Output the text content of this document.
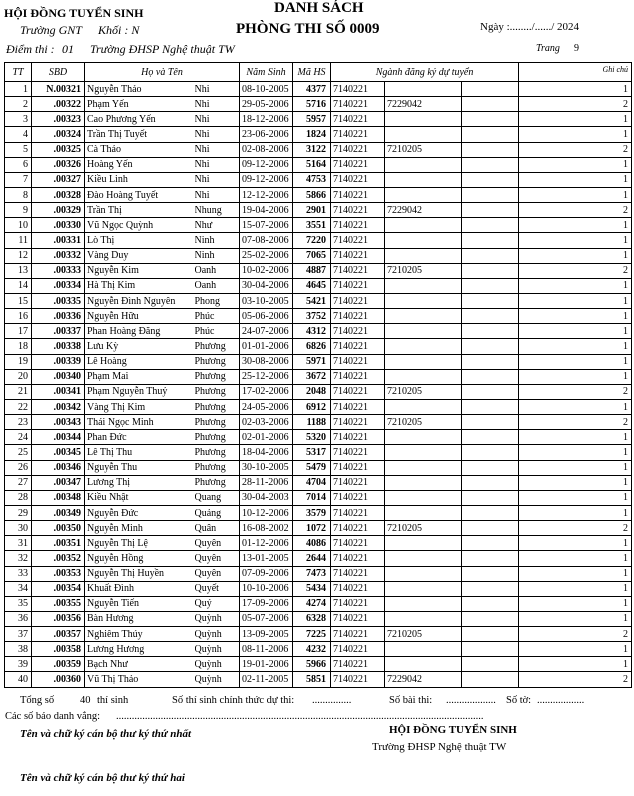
HỘI ĐỒNG TUYỂN SINH
Trường GNT Khối : N
Điểm thi : 01 Trường ĐHSP Nghệ thuật TW
DANH SÁCH
PHÒNG THI SỐ 0009	Ngày :......../....../ 2024
Trang 9
TT	SBD	Họ và Tên		Năm Sinh	Mã HS	Ngành đăng ký dự tuyển			Ghi chú
1	N.00321	Nguyễn Thảo	Nhi	08-10-2005	4377	7140221			1
2	.00322	Phạm Yến	Nhi	29-05-2006	5716	7140221	7229042		2
3	.00323	Cao Phương Yến	Nhi	18-12-2006	5957	7140221			1
4	.00324	Trần Thị Tuyết	Nhi	23-06-2006	1824	7140221			1
5	.00325	Cà Thảo	Nhi	02-08-2006	3122	7140221	7210205		2
6	.00326	Hoàng Yến	Nhi	09-12-2006	5164	7140221			1
7	.00327	Kiều Linh	Nhi	09-12-2006	4753	7140221			1
8	.00328	Đào Hoàng Tuyết	Nhi	12-12-2006	5866	7140221			1
9	.00329	Trần Thị	Nhung	19-04-2006	2901	7140221	7229042		2
10	.00330	Vũ Ngọc Quỳnh	Như	15-07-2006	3551	7140221			1
11	.00331	Lò Thị	Ninh	07-08-2006	7220	7140221			1
12	.00332	Vàng Duy	Ninh	25-02-2006	7065	7140221			1
13	.00333	Nguyễn Kim	Oanh	10-02-2006	4887	7140221	7210205		2
14	.00334	Hà Thị Kim	Oanh	30-04-2006	4645	7140221			1
15	.00335	Nguyễn Đình Nguyên	Phong	03-10-2005	5421	7140221			1
16	.00336	Nguyễn Hữu	Phúc	05-06-2006	3752	7140221			1
17	.00337	Phan Hoàng Đăng	Phúc	24-07-2006	4312	7140221			1
18	.00338	Lưu Kỳ	Phương	01-01-2006	6826	7140221			1
19	.00339	Lê Hoàng	Phương	30-08-2006	5971	7140221			1
20	.00340	Phạm Mai	Phương	25-12-2006	3672	7140221			1
21	.00341	Phạm Nguyễn Thuỷ	Phương	17-02-2006	2048	7140221	7210205		2
22	.00342	Vàng Thị Kim	Phương	24-05-2006	6912	7140221			1
23	.00343	Thái Ngọc Minh	Phương	02-03-2006	1188	7140221	7210205		2
24	.00344	Phan Đức	Phương	02-01-2006	5320	7140221			1
25	.00345	Lê Thị Thu	Phương	18-04-2006	5317	7140221			1
26	.00346	Nguyễn Thu	Phương	30-10-2005	5479	7140221			1
27	.00347	Lương Thị	Phương	28-11-2006	4704	7140221			1
28	.00348	Kiều Nhật	Quang	30-04-2003	7014	7140221			1
29	.00349	Nguyễn Đức	Quảng	10-12-2006	3579	7140221			1
30	.00350	Nguyễn Minh	Quân	16-08-2002	1072	7140221	7210205		2
31	.00351	Nguyễn Thị Lệ	Quyên	01-12-2006	4086	7140221			1
32	.00352	Nguyễn Hồng	Quyên	13-01-2005	2644	7140221			1
33	.00353	Nguyễn Thị Huyền	Quyên	07-09-2006	7473	7140221			1
34	.00354	Khuất Đình	Quyết	10-10-2006	5434	7140221			1
35	.00355	Nguyễn Tiến	Quý	17-09-2006	4274	7140221			1
36	.00356	Bàn Hương	Quỳnh	05-07-2006	6328	7140221			1
37	.00357	Nghiêm Thúy	Quỳnh	13-09-2005	7225	7140221	7210205		2
38	.00358	Lương Hương	Quỳnh	08-11-2006	4232	7140221			1
39	.00359	Bạch Như	Quỳnh	19-01-2006	5966	7140221			1
40	.00360	Vũ Thị Thảo	Quỳnh	02-11-2005	5851	7140221	7229042		2
Tổng số 40 thí sinh	Số thí sinh chính thức dự thi: ...............	Số bài thi: ................... Số tờ: ..................
Các số báo danh vắng: ............................................................................................................................................
Tên và chữ ký cán bộ thư ký thứ nhất	HỘI ĐỒNG TUYỂN SINH
Trường ĐHSP Nghệ thuật TW
Tên và chữ ký cán bộ thư ký thứ hai
